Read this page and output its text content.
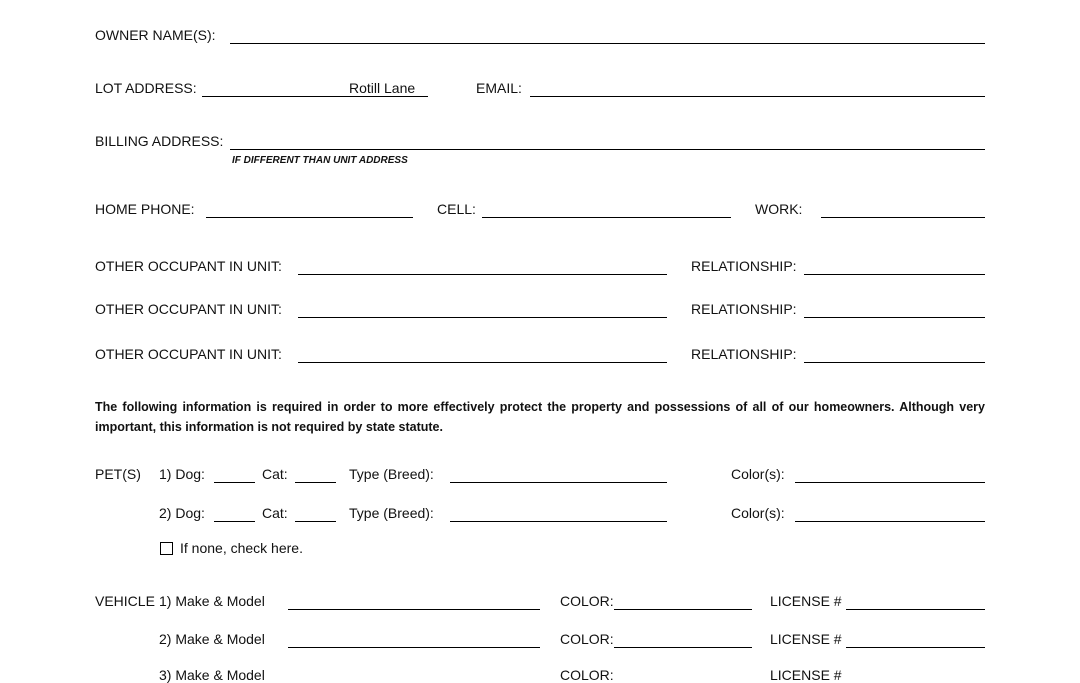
OWNER NAME(S):
LOT ADDRESS:	Rotill Lane	EMAIL:
BILLING ADDRESS:
IF DIFFERENT THAN UNIT ADDRESS
HOME PHONE:	CELL:	WORK:
OTHER OCCUPANT IN UNIT:	RELATIONSHIP:
OTHER OCCUPANT IN UNIT:	RELATIONSHIP:
OTHER OCCUPANT IN UNIT:	RELATIONSHIP:
The following information is required in order to more effectively protect the property and possessions of all of our homeowners. Although very important, this information is not required by state statute.
PET(S) 1) Dog:	Cat:	Type (Breed):	Color(s):
2) Dog:	Cat:	Type (Breed):	Color(s):
If none, check here.
VEHICLE 1) Make & Model	COLOR:	LICENSE #
2) Make & Model	COLOR:	LICENSE #
3) Make & Model	COLOR:	LICENSE #
